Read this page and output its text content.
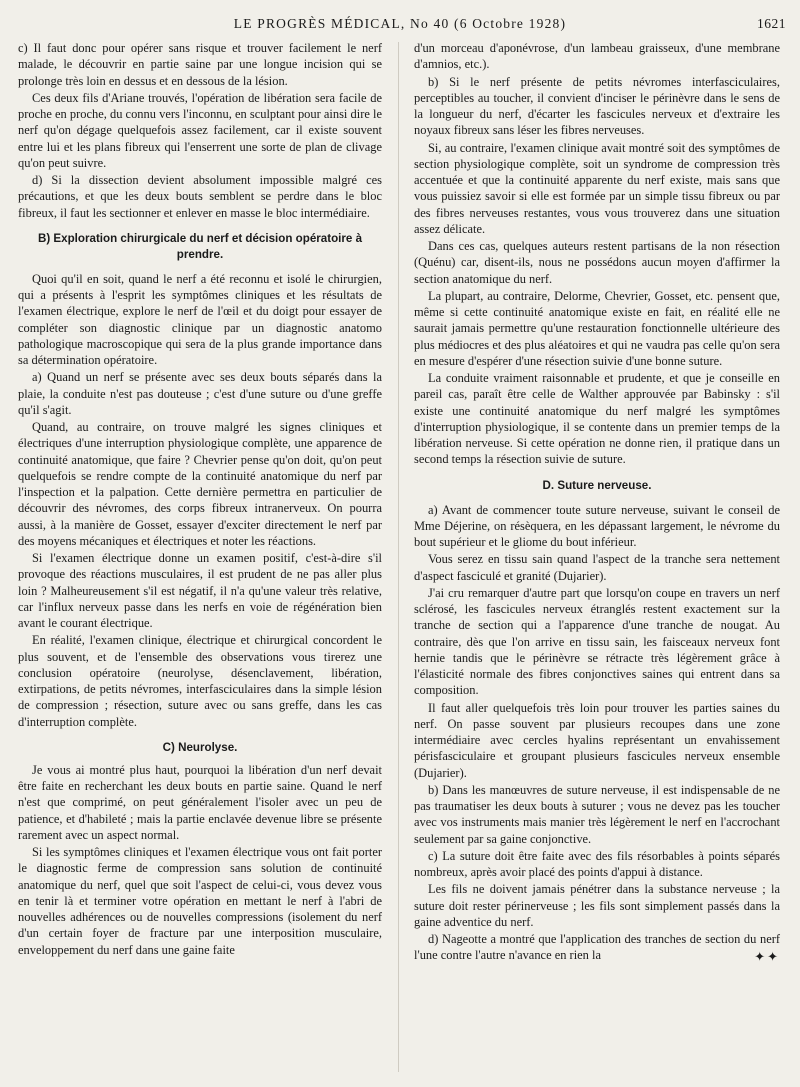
LE PROGRÈS MÉDICAL, No 40 (6 Octobre 1928)	1621

c) Il faut donc pour opérer sans risque et trouver facilement le nerf malade, le découvrir en partie saine par une longue incision qui se prolonge très loin en dessus et en dessous de la lésion.

Ces deux fils d'Ariane trouvés, l'opération de libération sera facile de proche en proche, du connu vers l'inconnu, en sculptant pour ainsi dire le nerf qu'on dégage quelquefois assez facilement, car il existe souvent entre lui et les plans fibreux qui l'enserrent une sorte de plan de clivage qu'on peut suivre.

d) Si la dissection devient absolument impossible malgré ces précautions, et que les deux bouts semblent se perdre dans le bloc fibreux, il faut les sectionner et enlever en masse le bloc intermédiaire.

B) Exploration chirurgicale du nerf et décision opératoire à prendre.

Quoi qu'il en soit, quand le nerf a été reconnu et isolé le chirurgien, qui a présents à l'esprit les symptômes cliniques et les résultats de l'examen électrique, explore le nerf de l'œil et du doigt pour essayer de compléter son diagnostic clinique par un diagnostic anatomo pathologique macroscopique qui sera de la plus grande importance dans sa détermination opératoire.

a) Quand un nerf se présente avec ses deux bouts séparés dans la plaie, la conduite n'est pas douteuse ; c'est d'une suture ou d'une greffe qu'il s'agit.

Quand, au contraire, on trouve malgré les signes cliniques et électriques d'une interruption physiologique complète, une apparence de continuité anatomique, que faire ? Chevrier pense qu'on doit, qu'on peut quelquefois se rendre compte de la continuité anatomique du nerf par l'inspection et la palpation. Cette dernière permettra en particulier de découvrir des névromes, des corps fibreux intranerveux. On pourra aussi, à la manière de Gosset, essayer d'exciter directement le nerf par des moyens mécaniques et électriques et noter les réactions.

Si l'examen électrique donne un examen positif, c'est-à-dire s'il provoque des réactions musculaires, il est prudent de ne pas aller plus loin ? Malheureusement s'il est négatif, il n'a qu'une valeur très relative, car l'influx nerveux passe dans les nerfs en voie de régénération bien avant le courant électrique.

En réalité, l'examen clinique, électrique et chirurgical concordent le plus souvent, et de l'ensemble des observations vous tirerez une conclusion opératoire (neurolyse, désenclavement, libération, extirpations, de petits névromes, interfasciculaires dans la simple lésion de compression ; résection, suture avec ou sans greffe, dans les cas d'interruption complète.

C) Neurolyse.

Je vous ai montré plus haut, pourquoi la libération d'un nerf devait être faite en recherchant les deux bouts en partie saine. Quand le nerf n'est que comprimé, on peut généralement l'isoler avec un peu de patience, et d'habileté ; mais la partie enclavée devenue libre se présente rarement avec un aspect normal.

Si les symptômes cliniques et l'examen électrique vous ont fait porter le diagnostic ferme de compression sans solution de continuité anatomique du nerf, quel que soit l'aspect de celui-ci, vous devez vous en tenir là et terminer votre opération en mettant le nerf à l'abri de nouvelles adhérences ou de nouvelles compressions (isolement du nerf d'un certain foyer de fracture par une interposition musculaire, enveloppement du nerf dans une gaine faite

d'un morceau d'aponévrose, d'un lambeau graisseux, d'une membrane d'amnios, etc.).

b) Si le nerf présente de petits névromes interfasciculaires, perceptibles au toucher, il convient d'inciser le périnèvre dans le sens de la longueur du nerf, d'écarter les fascicules nerveux et d'extraire les noyaux fibreux sans léser les fibres nerveuses.

Si, au contraire, l'examen clinique avait montré soit des symptômes de section physiologique complète, soit un syndrome de compression très accentuée et que la continuité apparente du nerf existe, mais sans que vous puissiez savoir si elle est formée par un simple tissu fibreux ou par des fibres nerveuses restantes, vous vous trouverez dans une situation assez délicate.

Dans ces cas, quelques auteurs restent partisans de la non résection (Quénu) car, disent-ils, nous ne possédons aucun moyen d'affirmer la section anatomique du nerf.

La plupart, au contraire, Delorme, Chevrier, Gosset, etc. pensent que, même si cette continuité anatomique existe en fait, en réalité elle ne saurait jamais permettre qu'une restauration fonctionnelle ultérieure des plus médiocres et des plus aléatoires et qui ne vaudra pas celle qu'on sera en mesure d'espérer d'une résection suivie d'une bonne suture.

La conduite vraiment raisonnable et prudente, et que je conseille en pareil cas, paraît être celle de Walther approuvée par Babinsky : s'il existe une continuité anatomique du nerf malgré les symptômes d'interruption physiologique, il se contente dans un premier temps de la libération nerveuse. Si cette opération ne donne rien, il pratique dans un second temps la résection suivie de suture.

D. Suture nerveuse.

a) Avant de commencer toute suture nerveuse, suivant le conseil de Mme Déjerine, on résèquera, en les dépassant largement, le névrome du bout supérieur et le gliome du bout inférieur.

Vous serez en tissu sain quand l'aspect de la tranche sera nettement d'aspect fasciculé et granité (Dujarier).

J'ai cru remarquer d'autre part que lorsqu'on coupe en travers un nerf sclérosé, les fascicules nerveux étranglés restent exactement sur la tranche de section qui a l'apparence d'une tranche de nougat. Au contraire, dès que l'on arrive en tissu sain, les faisceaux nerveux font hernie tandis que le périnèvre se rétracte très légèrement grâce à l'élasticité normale des fibres conjonctives saines qui entrent dans sa composition.

Il faut aller quelquefois très loin pour trouver les parties saines du nerf. On passe souvent par plusieurs recoupes dans une zone intermédiaire avec cercles hyalins représentant un envahissement périsfasciculaire et groupant plusieurs fascicules nerveux ensemble (Dujarier).

b) Dans les manœuvres de suture nerveuse, il est indispensable de ne pas traumatiser les deux bouts à suturer ; vous ne devez pas les toucher avec vos instruments mais manier très légèrement le nerf en l'accrochant seulement par sa gaine conjonctive.

c) La suture doit être faite avec des fils résorbables à points séparés nombreux, après avoir placé des points d'appui à distance.

Les fils ne doivent jamais pénétrer dans la substance nerveuse ; la suture doit rester périnerveuse ; les fils sont simplement passés dans la gaine adventice du nerf.

d) Nageotte a montré que l'application des tranches de section du nerf l'une contre l'autre n'avance en rien la	✦✦
